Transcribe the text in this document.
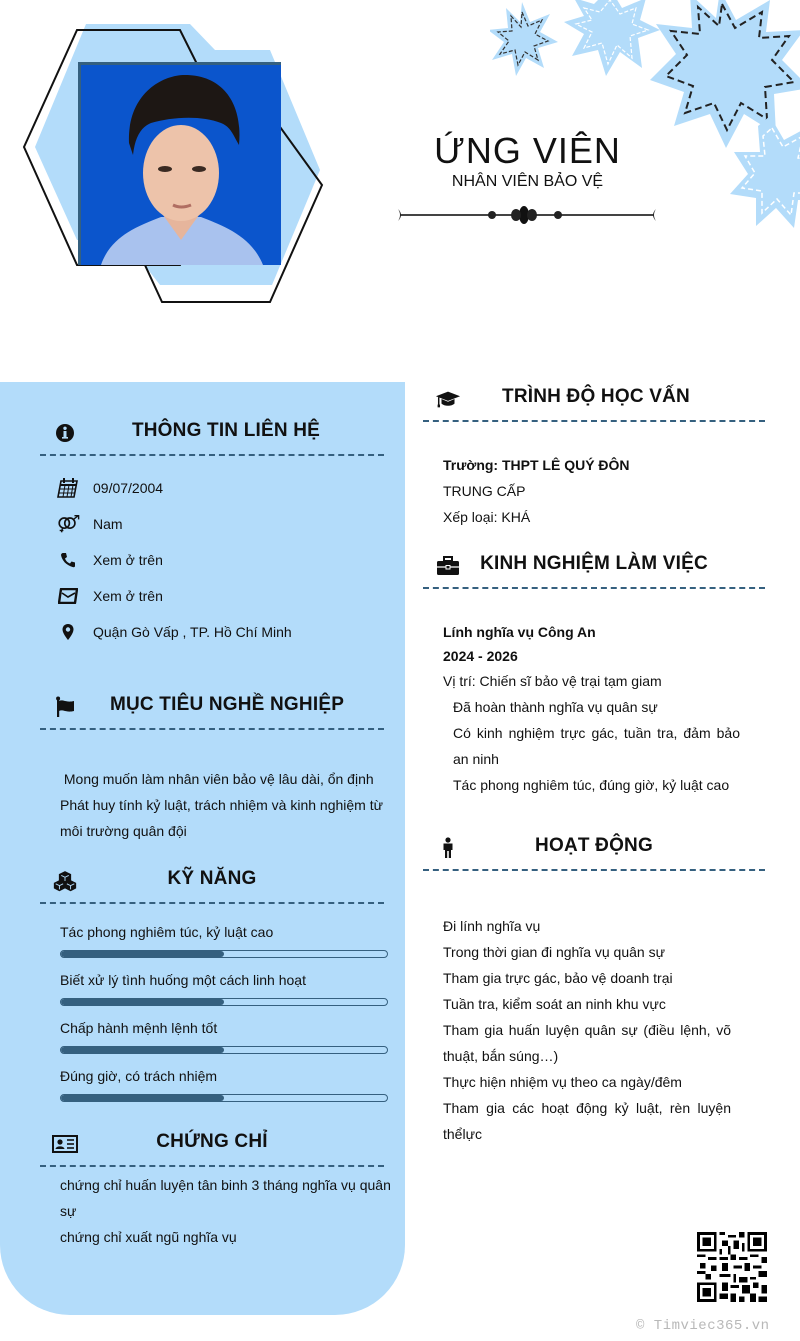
ỨNG VIÊN
NHÂN VIÊN BẢO VỆ
THÔNG TIN LIÊN HỆ
09/07/2004
Nam
Xem ở trên
Xem ở trên
Quận Gò Vấp , TP. Hồ Chí Minh
MỤC TIÊU NGHỀ NGHIỆP
Mong muốn làm nhân viên bảo vệ lâu dài, ổn định
Phát huy tính kỷ luật, trách nhiệm và kinh nghiệm từ
môi trường quân đội
KỸ NĂNG
Tác phong nghiêm túc, kỷ luật cao
Biết xử lý tình huống một cách linh hoạt
Chấp hành mệnh lệnh tốt
Đúng giờ, có trách nhiệm
CHỨNG CHỈ
chứng chỉ huấn luyện tân binh 3 tháng nghĩa vụ quân
sự
chứng chỉ xuất ngũ nghĩa vụ
TRÌNH ĐỘ HỌC VẤN
Trường: THPT LÊ QUÝ ĐÔN
TRUNG CẤP
Xếp loại: KHÁ
KINH NGHIỆM LÀM VIỆC
Lính nghĩa vụ Công An
2024 - 2026
Vị trí: Chiến sĩ bảo vệ trại tạm giam
Đã hoàn thành nghĩa vụ quân sự
Có kinh nghiệm trực gác, tuần tra, đảm bảo
an ninh
Tác phong nghiêm túc, đúng giờ, kỷ luật cao
HOẠT ĐỘNG
Đi lính nghĩa vụ
Trong thời gian đi nghĩa vụ quân sự
Tham gia trực gác, bảo vệ doanh trại
Tuần tra, kiểm soát an ninh khu vực
Tham gia huấn luyện quân sự (điều lệnh, võ
thuật, bắn súng…)
Thực hiện nhiệm vụ theo ca ngày/đêm
Tham gia các hoạt động kỷ luật, rèn luyện
thểlực
© Timviec365.vn
